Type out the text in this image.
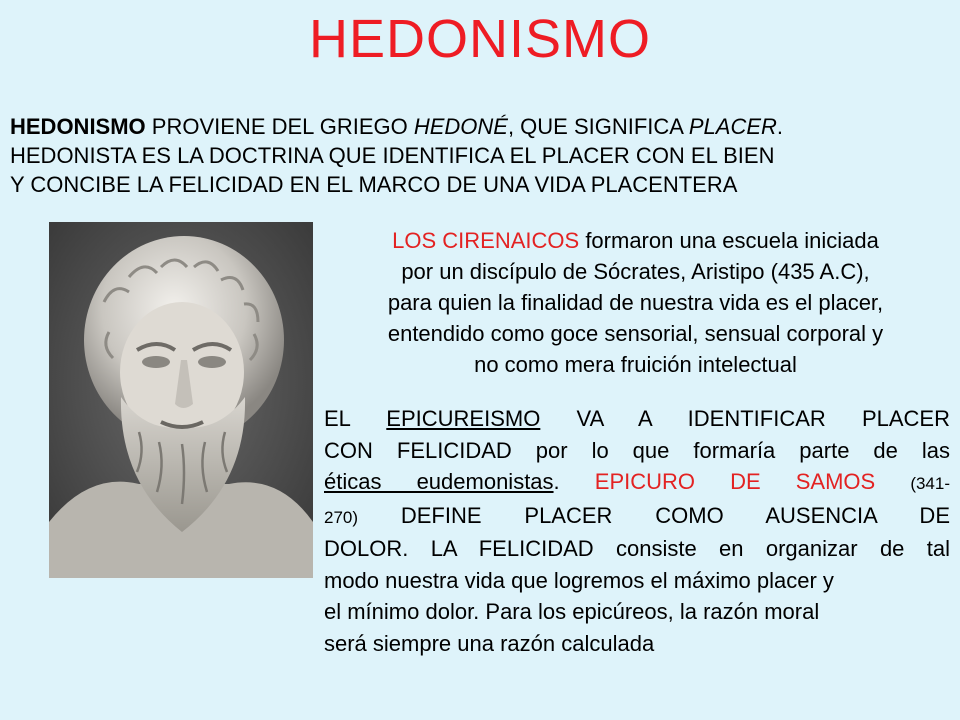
HEDONISMO
HEDONISMO PROVIENE DEL GRIEGO HEDONÉ, QUE SIGNIFICA PLACER.
HEDONISTA ES LA DOCTRINA QUE IDENTIFICA EL PLACER CON EL BIEN
Y CONCIBE LA FELICIDAD EN EL MARCO DE UNA VIDA PLACENTERA
LOS CIRENAICOS formaron una escuela iniciada
por un discípulo de Sócrates, Aristipo (435 A.C),
para quien la finalidad de nuestra vida es el placer,
entendido como goce sensorial, sensual corporal y
no como mera fruición intelectual
EL EPICUREISMO VA A IDENTIFICAR PLACER
CON FELICIDAD por lo que formaría parte de las
éticas eudemonistas. EPICURO DE SAMOS (341-
270) DEFINE PLACER COMO AUSENCIA DE
DOLOR. LA FELICIDAD consiste en organizar de tal
modo nuestra vida que logremos el máximo placer y
el mínimo dolor. Para los epicúreos, la razón moral
será siempre una razón calculada
